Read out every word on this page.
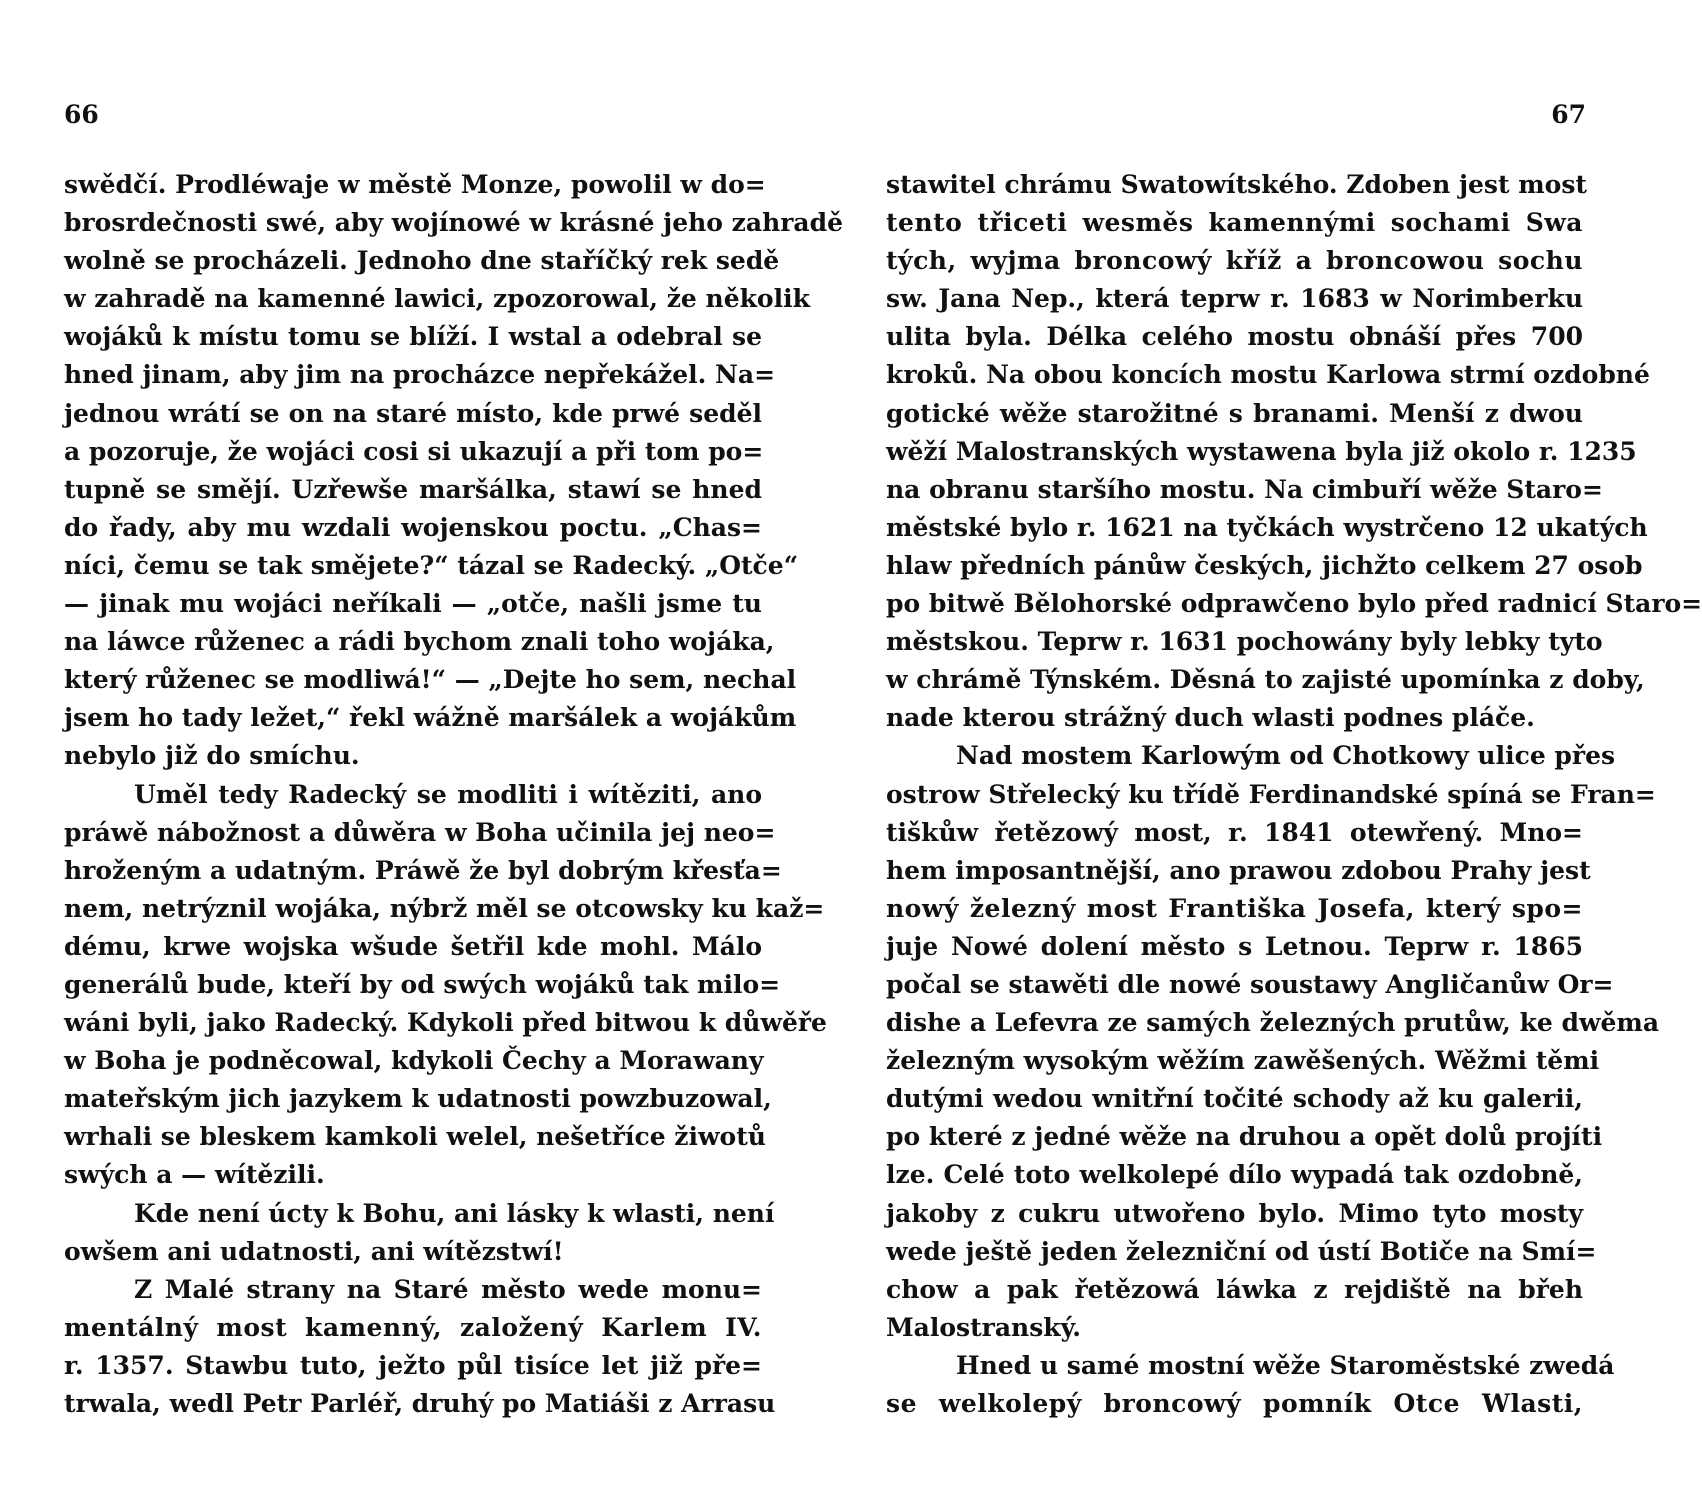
66
swědčí. Prodléwaje w městě Monze, powolil w do=
brosrdečnosti swé, aby wojínowé w krásné jeho zahradě
wolně se procházeli. Jednoho dne staříčký rek sedě
w zahradě na kamenné lawici, zpozorowal, že několik
wojáků k místu tomu se blíží. I wstal a odebral se
hned jinam, aby jim na procházce nepřekážel. Na=
jednou wrátí se on na staré místo, kde prwé seděl
a pozoruje, že wojáci cosi si ukazují a při tom po=
tupně se smějí. Uzřewše maršálka, stawí se hned
do řady, aby mu wzdali wojenskou poctu. „Chas=
níci, čemu se tak smějete?“ tázal se Radecký. „Otče“
— jinak mu wojáci neříkali — „otče, našli jsme tu
na láwce růženec a rádi bychom znali toho wojáka,
který růženec se modliwá!“ — „Dejte ho sem, nechal
jsem ho tady ležet,“ řekl wážně maršálek a wojákům
nebylo již do smíchu.
Uměl tedy Radecký se modliti i wítěziti, ano
práwě nábožnost a důwěra w Boha učinila jej neo=
hroženým a udatným. Práwě že byl dobrým křesťa=
nem, netrýznil wojáka, nýbrž měl se otcowsky ku kaž=
dému, krwe wojska wšude šetřil kde mohl. Málo
generálů bude, kteří by od swých wojáků tak milo=
wáni byli, jako Radecký. Kdykoli před bitwou k důwěře
w Boha je podněcowal, kdykoli Čechy a Morawany
mateřským jich jazykem k udatnosti powzbuzowal,
wrhali se bleskem kamkoli welel, nešetříce žiwotů
swých a — wítězili.
Kde není úcty k Bohu, ani lásky k wlasti, není
owšem ani udatnosti, ani wítězstwí!
Z Malé strany na Staré město wede monu=
mentálný most kamenný, založený Karlem IV.
r. 1357. Stawbu tuto, ježto půl tisíce let již pře=
trwala, wedl Petr Parléř, druhý po Matiáši z Arrasu
67
stawitel chrámu Swatowítského. Zdoben jest most
tento třiceti wesměs kamennými sochami Swa
tých, wyjma broncowý kříž a broncowou sochu
sw. Jana Nep., která teprw r. 1683 w Norimberku
ulita byla. Délka celého mostu obnáší přes 700
kroků. Na obou koncích mostu Karlowa strmí ozdobné
gotické wěže starožitné s branami. Menší z dwou
wěží Malostranských wystawena byla již okolo r. 1235
na obranu staršího mostu. Na cimbuří wěže Staro=
městské bylo r. 1621 na tyčkách wystrčeno 12 ukatých
hlaw předních pánůw českých, jichžto celkem 27 osob
po bitwě Bělohorské odprawčeno bylo před radnicí Staro=
městskou. Teprw r. 1631 pochowány byly lebky tyto
w chrámě Týnském. Děsná to zajisté upomínka z doby,
nade kterou strážný duch wlasti podnes pláče.
Nad mostem Karlowým od Chotkowy ulice přes
ostrow Střelecký ku třídě Ferdinandské spíná se Fran=
tiškůw řetězowý most, r. 1841 otewřený. Mno=
hem imposantnější, ano prawou zdobou Prahy jest
nowý železný most Františka Josefa, který spo=
juje Nowé dolení město s Letnou. Teprw r. 1865
počal se stawěti dle nowé soustawy Angličanůw Or=
dishe a Lefevra ze samých železných prutůw, ke dwěma
železným wysokým wěžím zawěšených. Wěžmi těmi
dutými wedou wnitřní točité schody až ku galerii,
po které z jedné wěže na druhou a opět dolů projíti
lze. Celé toto welkolepé dílo wypadá tak ozdobně,
jakoby z cukru utwořeno bylo. Mimo tyto mosty
wede ještě jeden železniční od ústí Botiče na Smí=
chow a pak řetězowá láwka z rejdiště na břeh
Malostranský.
Hned u samé mostní wěže Staroměstské zwedá
se welkolepý broncowý pomník Otce Wlasti,
